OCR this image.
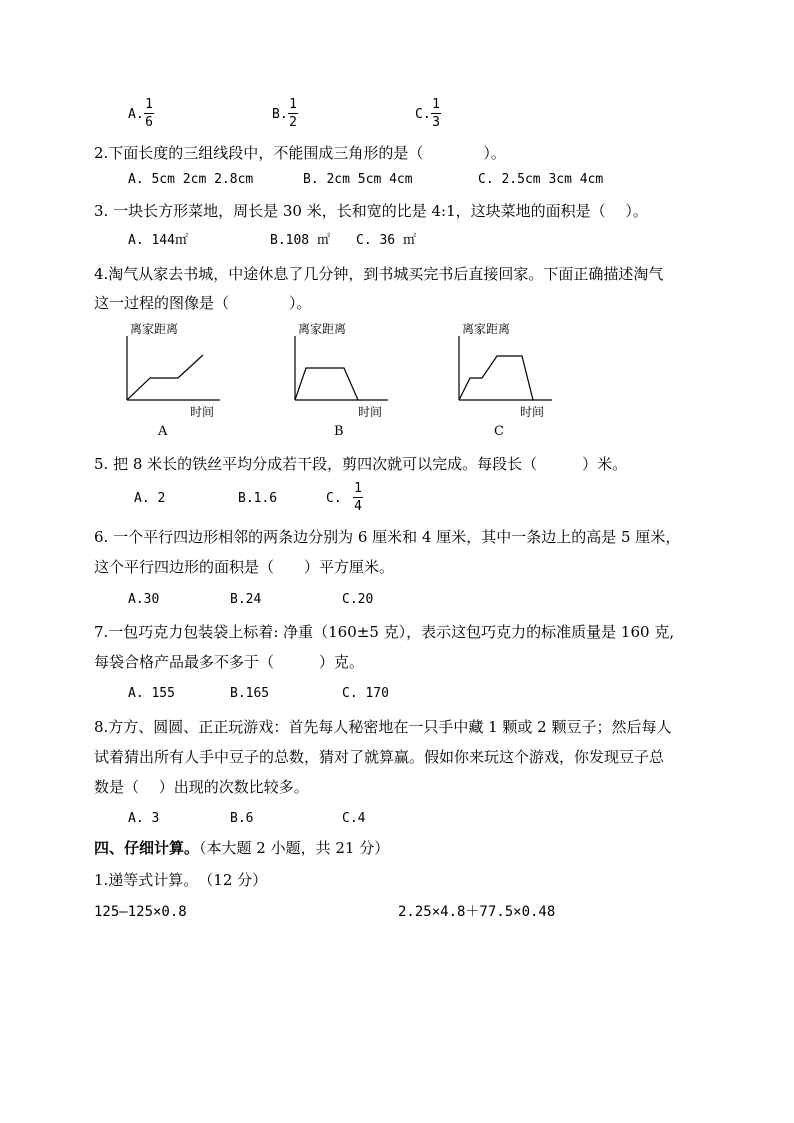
A.
1
6
B.
1
2
C.
1
3
2.下面长度的三组线段中，不能围成三角形的是（　　　　）。
A. 5cm 2cm 2.8cm	B. 2cm 5cm 4cm	C. 2.5cm 3cm 4cm
3. 一块长方形菜地，周长是 30 米，长和宽的比是 4:1，这块菜地的面积是（　 ）。
A. 144㎡	B.108 ㎡ C. 36 ㎡
4.淘气从家去书城，中途休息了几分钟，到书城买完书后直接回家。下面正确描述淘气
这一过程的图像是（　　　　）。
离家距离
时间
A
离家距离
时间
B
离家距离
时间
C
5. 把 8 米长的铁丝平均分成若干段，剪四次就可以完成。每段长（　　　）米。
A. 2	B.1.6	C.
1
4
6. 一个平行四边形相邻的两条边分别为 6 厘米和 4 厘米，其中一条边上的高是 5 厘米，
这个平行四边形的面积是（　　）平方厘米。
A.30	B.24	C.20
7.一包巧克力包装袋上标着: 净重（160±5 克），表示这包巧克力的标准质量是 160 克,
每袋合格产品最多不多于（　　　）克。
A. 155	B.165	C. 170
8.方方、圆圆、正正玩游戏：首先每人秘密地在一只手中藏 1 颗或 2 颗豆子；然后每人
试着猜出所有人手中豆子的总数，猜对了就算赢。假如你来玩这个游戏，你发现豆子总
数是（　 ）出现的次数比较多。
A. 3	B.6	C.4
四、仔细计算。（本大题 2 小题，共 21 分）
1.递等式计算。　（12 分）
125—125×0.8	2.25×4.8＋77.5×0.48
